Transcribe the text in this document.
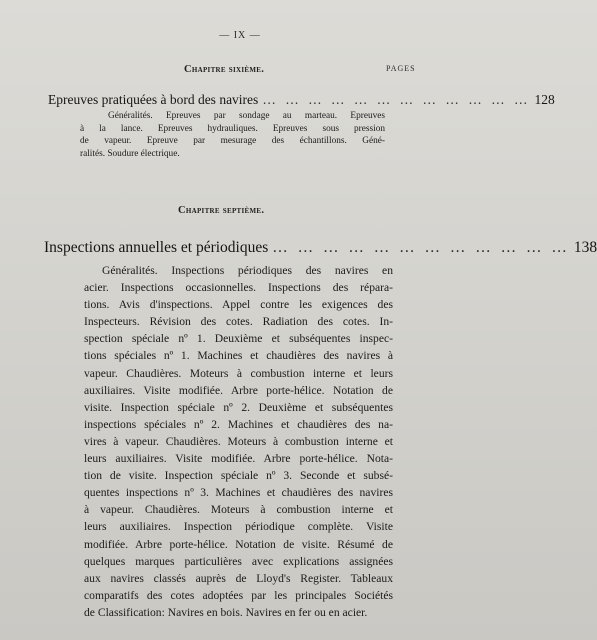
— IX —
Chapitre sixième.	PAGES
Epreuves pratiquées à bord des navires … … … … … … … … … … … … 128
Généralités. Epreuves par sondage au marteau. Epreuves
à la lance. Epreuves hydrauliques. Epreuves sous pression
de vapeur. Epreuve par mesurage des échantillons. Géné-
ralités. Soudure électrique.
Chapitre septième.
Inspections annuelles et périodiques … … … … … … … … … … … … 138
Généralités. Inspections périodiques des navires en
acier. Inspections occasionnelles. Inspections des répara-
tions. Avis d'inspections. Appel contre les exigences des
Inspecteurs. Révision des cotes. Radiation des cotes. In-
spection spéciale nº 1. Deuxième et subséquentes inspec-
tions spéciales nº 1. Machines et chaudières des navires à
vapeur. Chaudières. Moteurs à combustion interne et leurs
auxiliaires. Visite modifiée. Arbre porte-hélice. Notation de
visite. Inspection spéciale nº 2. Deuxième et subséquentes
inspections spéciales nº 2. Machines et chaudières des na-
vires à vapeur. Chaudières. Moteurs à combustion interne et
leurs auxiliaires. Visite modifiée. Arbre porte-hélice. Nota-
tion de visite. Inspection spéciale nº 3. Seconde et subsé-
quentes inspections nº 3. Machines et chaudières des navires
à vapeur. Chaudières. Moteurs à combustion interne et
leurs auxiliaires. Inspection périodique complète. Visite
modifiée. Arbre porte-hélice. Notation de visite. Résumé de
quelques marques particulières avec explications assignées
aux navires classés auprès de Lloyd's Register. Tableaux
comparatifs des cotes adoptées par les principales Sociétés
de Classification: Navires en bois. Navires en fer ou en acier.
